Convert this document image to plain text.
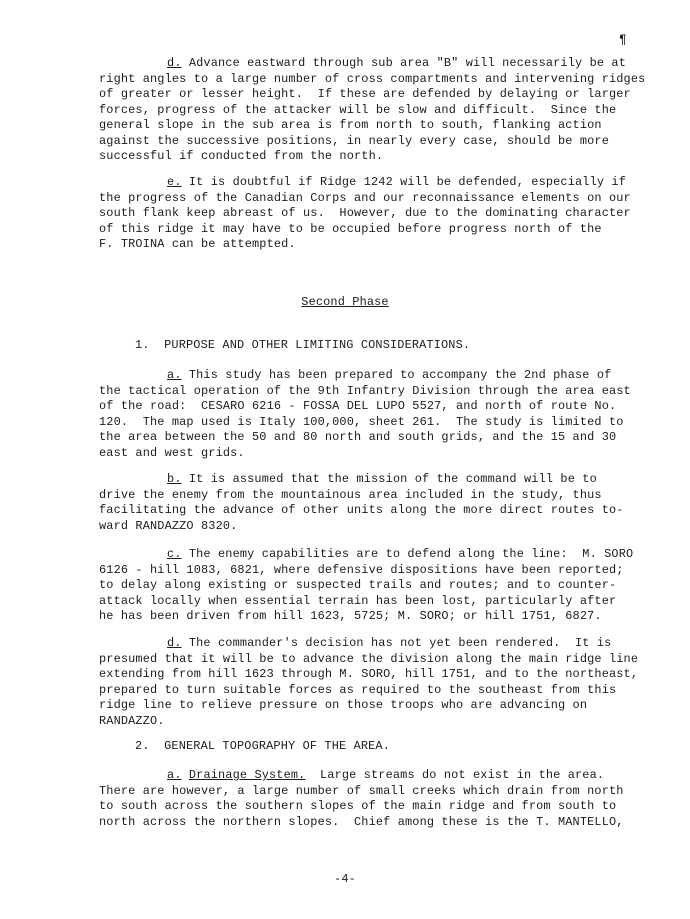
¶
d. Advance eastward through sub area "B" will necessarily be at
right angles to a large number of cross compartments and intervening ridges
of greater or lesser height.  If these are defended by delaying or larger
forces, progress of the attacker will be slow and difficult.  Since the
general slope in the sub area is from north to south, flanking action
against the successive positions, in nearly every case, should be more
successful if conducted from the north.
e. It is doubtful if Ridge 1242 will be defended, especially if
the progress of the Canadian Corps and our reconnaissance elements on our
south flank keep abreast of us.  However, due to the dominating character
of this ridge it may have to be occupied before progress north of the
F. TROINA can be attempted.
Second Phase
1.  PURPOSE AND OTHER LIMITING CONSIDERATIONS.
a. This study has been prepared to accompany the 2nd phase of
the tactical operation of the 9th Infantry Division through the area east
of the road:  CESARO 6216 - FOSSA DEL LUPO 5527, and north of route No.
120.  The map used is Italy 100,000, sheet 261.  The study is limited to
the area between the 50 and 80 north and south grids, and the 15 and 30
east and west grids.
b. It is assumed that the mission of the command will be to
drive the enemy from the mountainous area included in the study, thus
facilitating the advance of other units along the more direct routes to-
ward RANDAZZO 8320.
c. The enemy capabilities are to defend along the line:  M. SORO
6126 - hill 1083, 6821, where defensive dispositions have been reported;
to delay along existing or suspected trails and routes; and to counter-
attack locally when essential terrain has been lost, particularly after
he has been driven from hill 1623, 5725; M. SORO; or hill 1751, 6827.
d. The commander's decision has not yet been rendered.  It is
presumed that it will be to advance the division along the main ridge line
extending from hill 1623 through M. SORO, hill 1751, and to the northeast,
prepared to turn suitable forces as required to the southeast from this
ridge line to relieve pressure on those troops who are advancing on
RANDAZZO.
2.  GENERAL TOPOGRAPHY OF THE AREA.
a. Drainage System.  Large streams do not exist in the area.
There are however, a large number of small creeks which drain from north
to south across the southern slopes of the main ridge and from south to
north across the northern slopes.  Chief among these is the T. MANTELLO,
-4-
